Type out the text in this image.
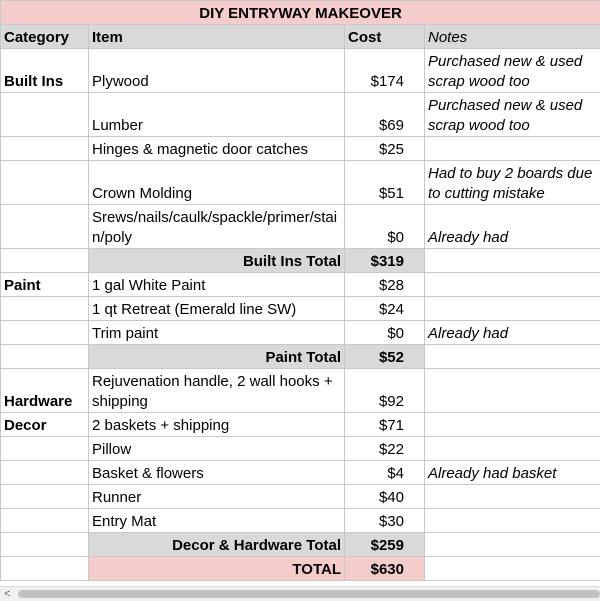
DIY ENTRYWAY MAKEOVER			
Category	Item	Cost	Notes
Built Ins	Plywood	$174	Purchased new & used scrap wood too
	Lumber	$69	Purchased new & used scrap wood too
	Hinges & magnetic door catches	$25	
	Crown Molding	$51	Had to buy 2 boards due to cutting mistake
	Srews/nails/caulk/spackle/primer/stain/poly	$0	Already had
	Built Ins Total	$319	
Paint	1 gal White Paint	$28	
	1 qt Retreat (Emerald line SW)	$24	
	Trim paint	$0	Already had
	Paint Total	$52	
Hardware	Rejuvenation handle, 2 wall hooks + shipping	$92	
Decor	2 baskets + shipping	$71	
	Pillow	$22	
	Basket & flowers	$4	Already had basket
	Runner	$40	
	Entry Mat	$30	
	Decor & Hardware Total	$259	
	TOTAL	$630	
<
